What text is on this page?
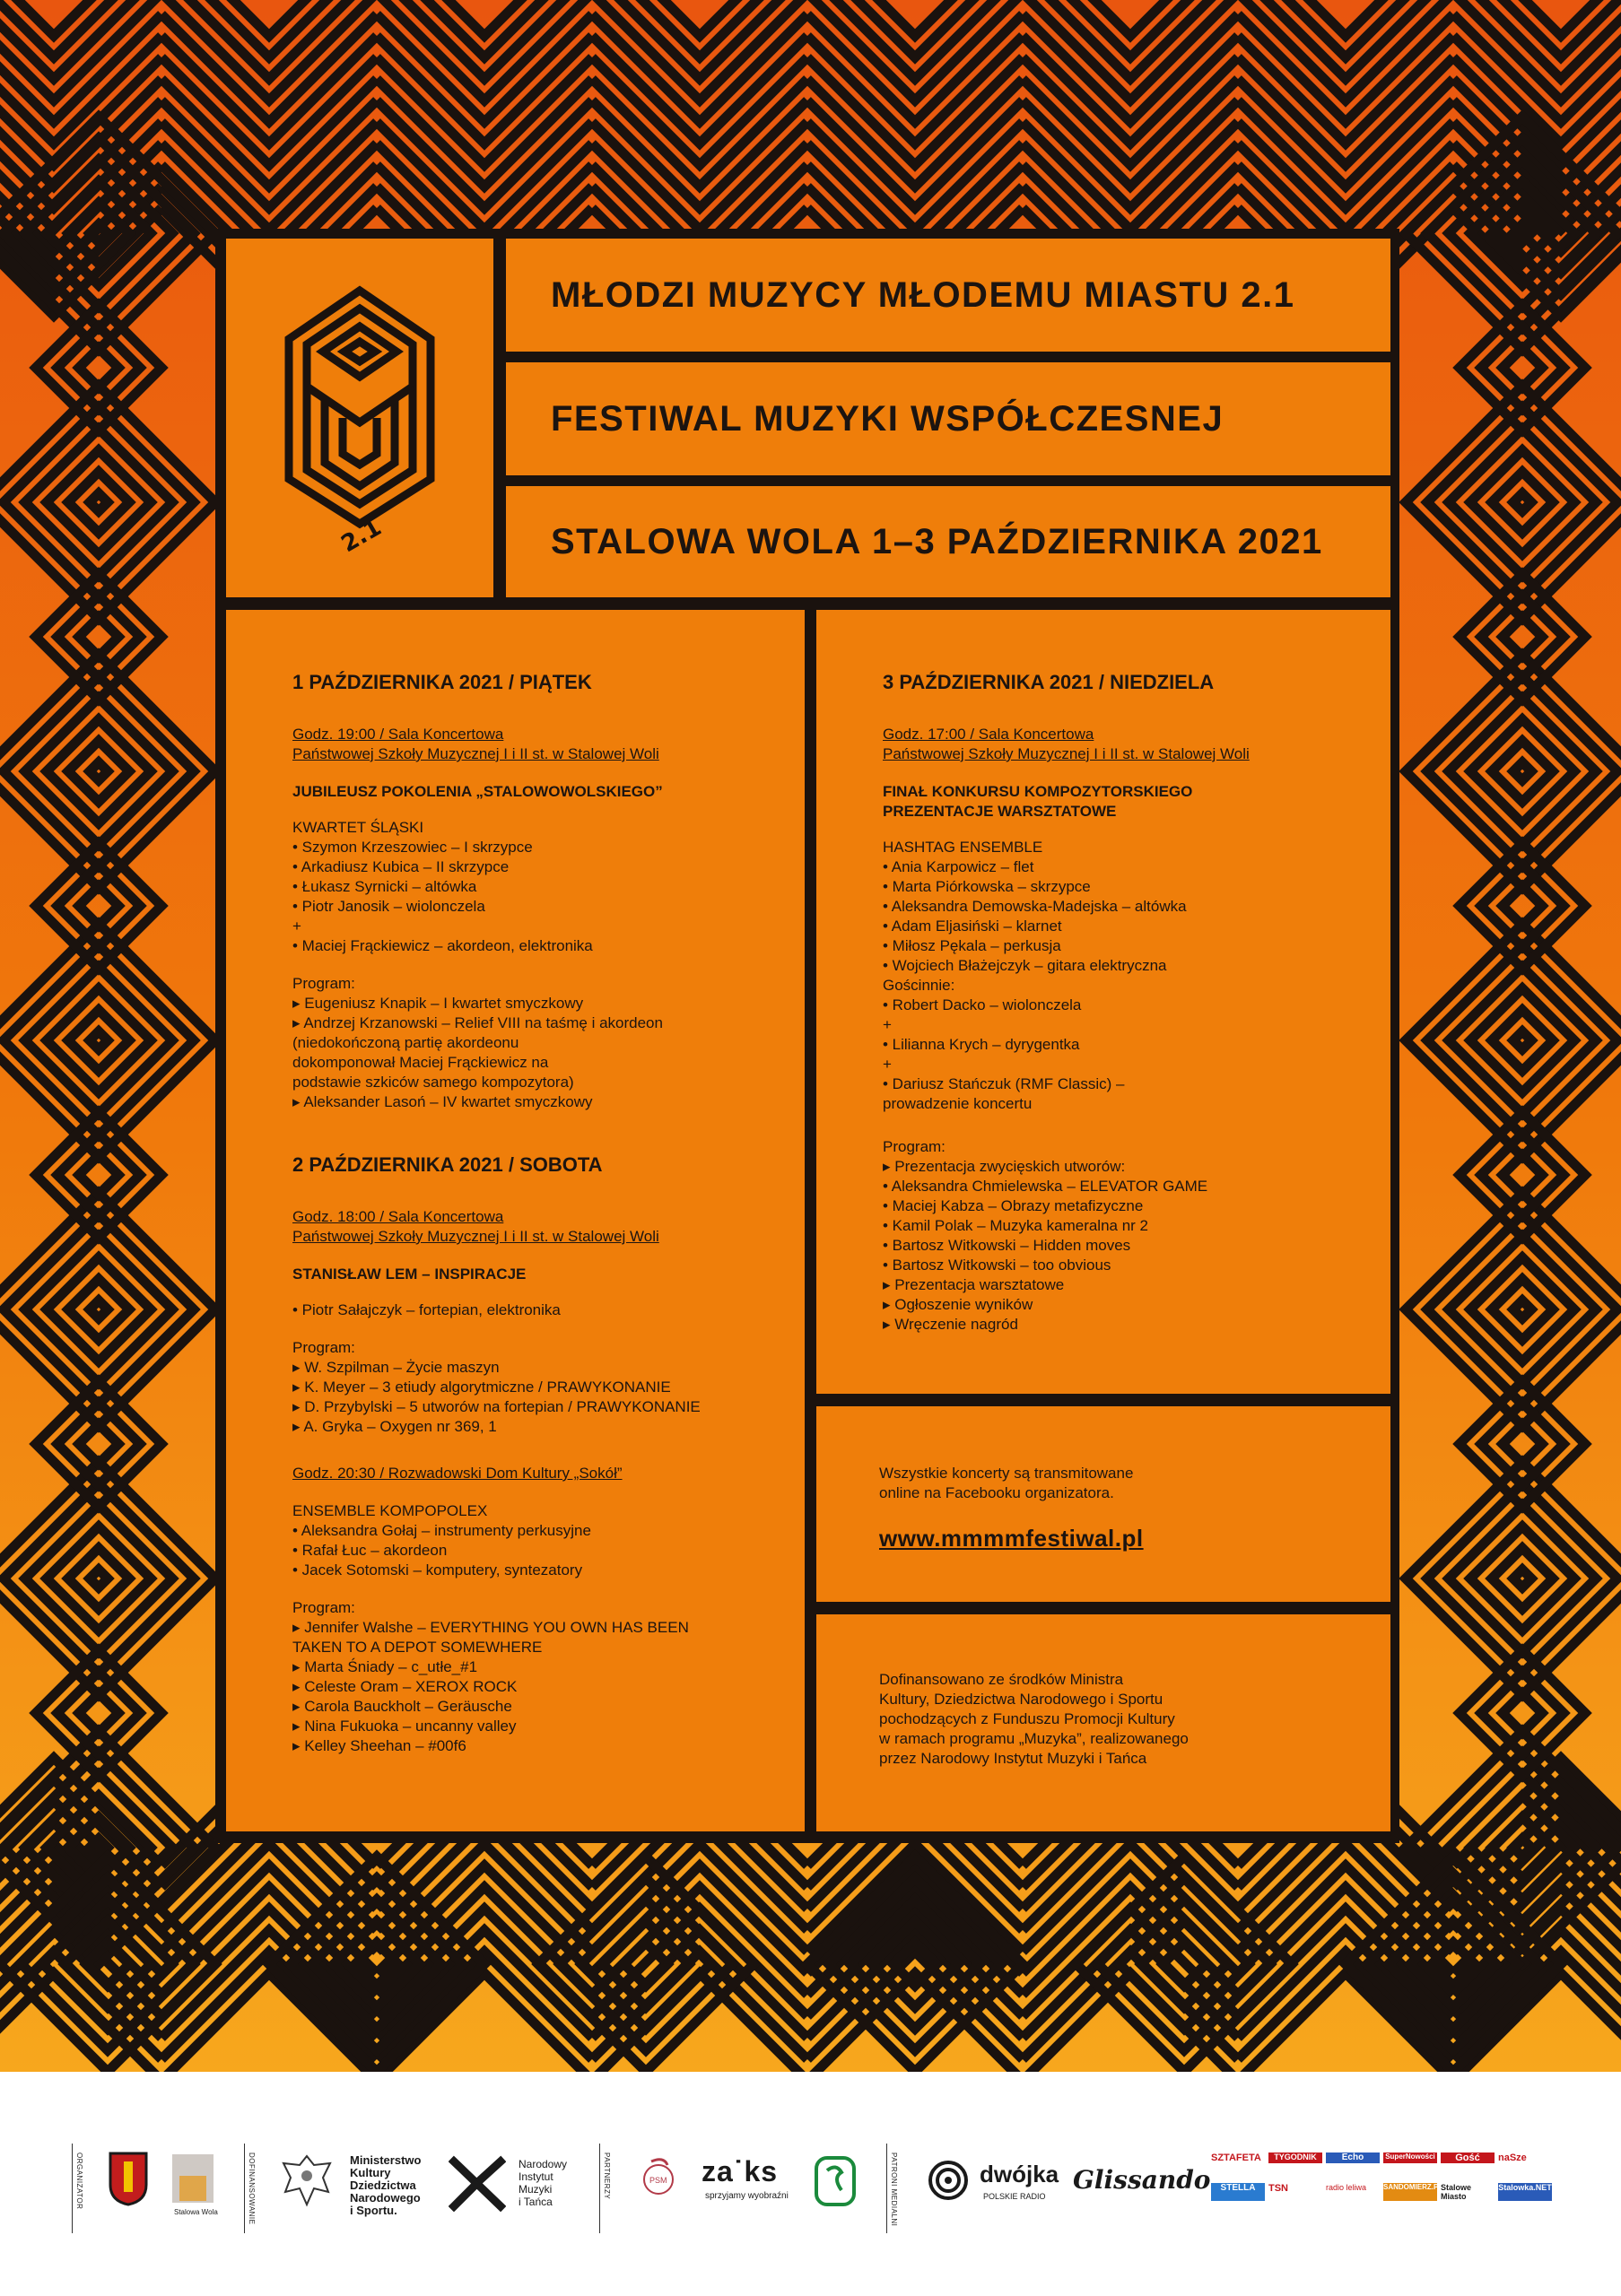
2.1
MŁODZI MUZYCY MŁODEMU MIASTU 2.1
FESTIWAL MUZYKI WSPÓŁCZESNEJ
STALOWA WOLA 1–3 PAŹDZIERNIKA 2021
1 PAŹDZIERNIKA 2021 / PIĄTEK
Godz. 19:00 / Sala Koncertowa
Państwowej Szkoły Muzycznej I i II st. w Stalowej Woli
JUBILEUSZ POKOLENIA „STALOWOWOLSKIEGO”
KWARTET ŚLĄSKI
• Szymon Krzeszowiec – I skrzypce
• Arkadiusz Kubica – II skrzypce
• Łukasz Syrnicki – altówka
• Piotr Janosik – wiolonczela
+
• Maciej Frąckiewicz – akordeon, elektronika
Program:
▸ Eugeniusz Knapik – I kwartet smyczkowy
▸ Andrzej Krzanowski – Relief VIII na taśmę i akordeon
(niedokończoną partię akordeonu
dokomponował Maciej Frąckiewicz na
podstawie szkiców samego kompozytora)
▸ Aleksander Lasoń – IV kwartet smyczkowy
2 PAŹDZIERNIKA 2021 / SOBOTA
Godz. 18:00 / Sala Koncertowa
Państwowej Szkoły Muzycznej I i II st. w Stalowej Woli
STANISŁAW LEM – INSPIRACJE
• Piotr Sałajczyk – fortepian, elektronika
Program:
▸ W. Szpilman – Życie maszyn
▸ K. Meyer – 3 etiudy algorytmiczne / PRAWYKONANIE
▸ D. Przybylski – 5 utworów na fortepian / PRAWYKONANIE
▸ A. Gryka – Oxygen nr 369, 1
Godz. 20:30 / Rozwadowski Dom Kultury „Sokół”
ENSEMBLE KOMPOPOLEX
• Aleksandra Gołaj – instrumenty perkusyjne
• Rafał Łuc – akordeon
• Jacek Sotomski – komputery, syntezatory
Program:
▸ Jennifer Walshe – EVERYTHING YOU OWN HAS BEEN
TAKEN TO A DEPOT SOMEWHERE
▸ Marta Śniady – c_utłe_#1
▸ Celeste Oram – XEROX ROCK
▸ Carola Bauckholt – Geräusche
▸ Nina Fukuoka – uncanny valley
▸ Kelley Sheehan – #00f6
3 PAŹDZIERNIKA 2021 / NIEDZIELA
Godz. 17:00 / Sala Koncertowa
Państwowej Szkoły Muzycznej I i II st. w Stalowej Woli
FINAŁ KONKURSU KOMPOZYTORSKIEGO
PREZENTACJE WARSZTATOWE
HASHTAG ENSEMBLE
• Ania Karpowicz – flet
• Marta Piórkowska – skrzypce
• Aleksandra Demowska-Madejska – altówka
• Adam Eljasiński – klarnet
• Miłosz Pękala – perkusja
• Wojciech Błażejczyk – gitara elektryczna
Gościnnie:
• Robert Dacko – wiolonczela
+
• Lilianna Krych – dyrygentka
+
• Dariusz Stańczuk (RMF Classic) –
prowadzenie koncertu
Program:
▸ Prezentacja zwycięskich utworów:
• Aleksandra Chmielewska – ELEVATOR GAME
• Maciej Kabza – Obrazy metafizyczne
• Kamil Polak – Muzyka kameralna nr 2
• Bartosz Witkowski – Hidden moves
• Bartosz Witkowski – too obvious
▸ Prezentacja warsztatowe
▸ Ogłoszenie wyników
▸ Wręczenie nagród
Wszystkie koncerty są transmitowane
online na Facebooku organizatora.
www.mmmmfestiwal.pl
Dofinansowano ze środków Ministra
Kultury, Dziedzictwa Narodowego i Sportu
pochodzących z Funduszu Promocji Kultury
w ramach programu „Muzyka”, realizowanego
przez Narodowy Instytut Muzyki i Tańca
ORGANIZATOR
Stalowa Wola	DOFINANSOWANIE	Ministerstwo
Kultury
Dziedzictwa
Narodowego
i Sportu.
Narodowy
Instytut
Muzyki
i Tańca
PARTNERZY	PSM za˙ks
sprzyjamy wyobraźni	PATRONI MEDIALNI	dwójka
POLSKIE RADIO
Glissando
SZTAFETA	TYGODNIK	Echo	SuperNowości	Gość	naSze
STELLA	TSN	radio leliwa	SANDOMIERZ.PL
Stalowe Miasto
Stalowka.NET
